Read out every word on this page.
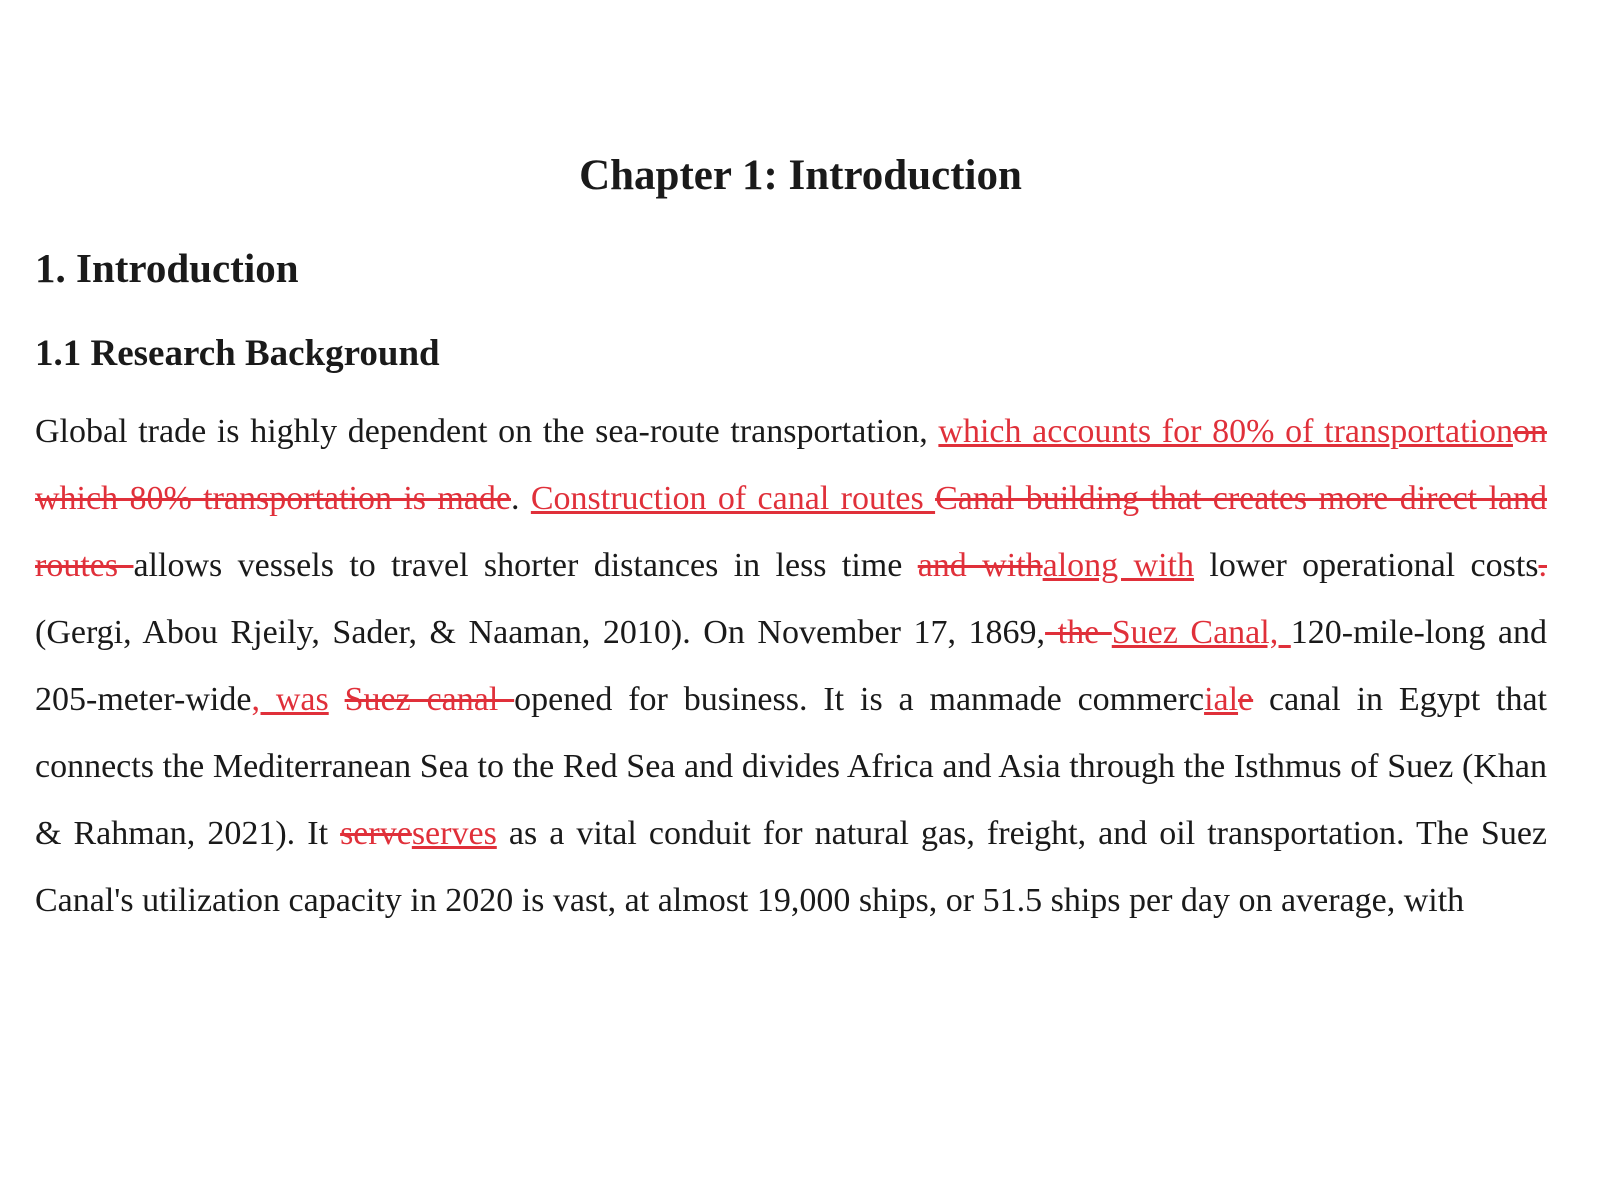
Chapter 1: Introduction
1. Introduction
1.1 Research Background

Global trade is highly dependent on the sea-route transportation, which accounts for 80% of transportationon which 80% transportation is made. Construction of canal routes Canal building that creates more direct land routes allows vessels to travel shorter distances in less time and withalong with lower operational costs. (Gergi, Abou Rjeily, Sader, & Naaman, 2010). On November 17, 1869, the Suez Canal, 120-mile-long and 205-meter-wide, was Suez canal opened for business. It is a manmade commerciale canal in Egypt that connects the Mediterranean Sea to the Red Sea and divides Africa and Asia through the Isthmus of Suez (Khan & Rahman, 2021). It serveserves as a vital conduit for natural gas, freight, and oil transportation. The Suez Canal's utilization capacity in 2020 is vast, at almost 19,000 ships, or 51.5 ships per day on average, with
